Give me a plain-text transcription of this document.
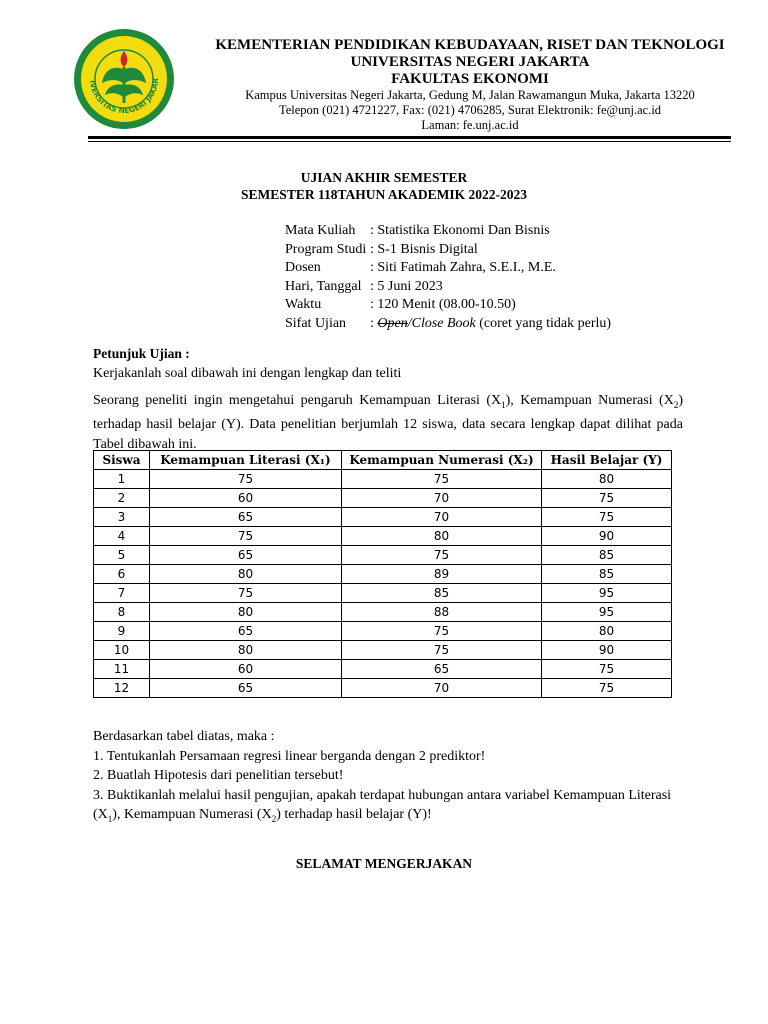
IVERSITAS NEGERI JAKAR
KEMENTERIAN PENDIDIKAN KEBUDAYAAN, RISET DAN TEKNOLOGI
UNIVERSITAS NEGERI JAKARTA
FAKULTAS EKONOMI
Kampus Universitas Negeri Jakarta, Gedung M, Jalan Rawamangun Muka, Jakarta 13220
Telepon (021) 4721227, Fax: (021) 4706285, Surat Elektronik: fe@unj.ac.id
Laman: fe.unj.ac.id
UJIAN AKHIR SEMESTER
SEMESTER 118TAHUN AKADEMIK 2022-2023
Mata Kuliah	: Statistika Ekonomi Dan Bisnis
Program Studi : S-1 Bisnis Digital
Dosen	: Siti Fatimah Zahra, S.E.I., M.E.
Hari, Tanggal : 5 Juni 2023
Waktu	: 120 Menit (08.00-10.50)
Sifat Ujian	: Open /Close Book (coret yang tidak perlu)
Petunjuk Ujian :
Kerjakanlah soal dibawah ini dengan lengkap dan teliti
Seorang peneliti ingin mengetahui pengaruh Kemampuan Literasi $(X_1)$, Kemampuan Numerasi $(X_2)$ terhadap hasil belajar (Y). Data penelitian berjumlah 12 siswa, data secara lengkap dapat dilihat pada Tabel dibawah ini.
Siswa	Kemampuan Literasi (X₁)	Kemampuan Numerasi (X₂)	Hasil Belajar (Y)
1	75	75	80
2	60	70	75
3	65	70	75
4	75	80	90
5	65	75	85
6	80	89	85
7	75	85	95
8	80	88	95
9	65	75	80
10	80	75	90
11	60	65	75
12	65	70	75
Berdasarkan tabel diatas, maka :
1. Tentukanlah Persamaan regresi linear berganda dengan 2 prediktor!
2. Buatlah Hipotesis dari penelitian tersebut!
3. Buktikanlah melalui hasil pengujian, apakah terdapat hubungan antara variabel Kemampuan Literasi $(X_1)$, Kemampuan Numerasi $(X_2)$ terhadap hasil belajar (Y)!
SELAMAT MENGERJAKAN
